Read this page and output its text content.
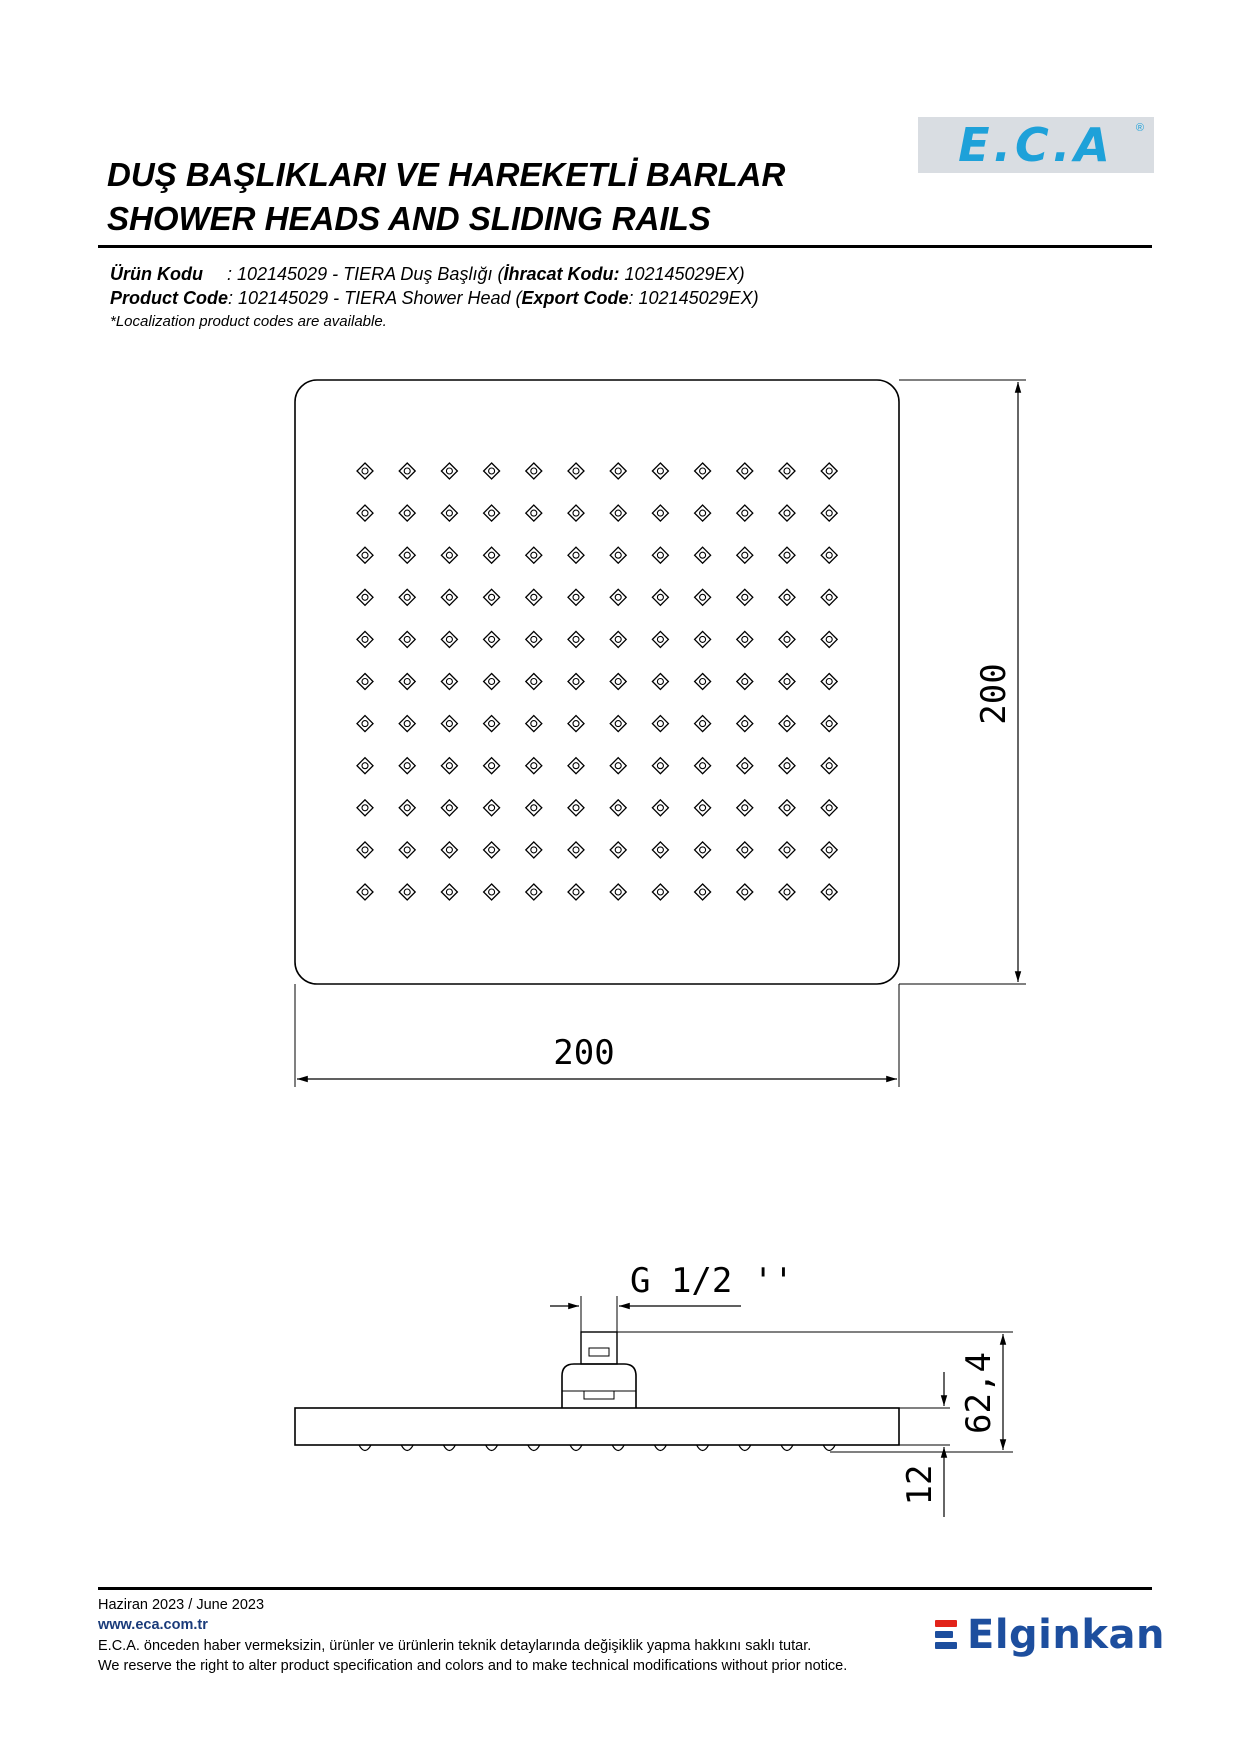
E.C.A	®
DUŞ BAŞLIKLARI VE HAREKETLİ BARLAR
SHOWER HEADS AND SLIDING RAILS
Ürün Kodu : 102145029 - TIERA Duş Başlığı (İhracat Kodu: 102145029EX)
Product Code: 102145029 - TIERA Shower Head (Export Code: 102145029EX)
*Localization product codes are available.
200
200
G 1/2 ''
62,4
12
Haziran 2023 / June 2023
www.eca.com.tr
E.C.A. önceden haber vermeksizin, ürünler ve ürünlerin teknik detaylarında değişiklik yapma hakkını saklı tutar.
We reserve the right to alter product specification and colors and to make technical modifications without prior notice.
Elginkan
